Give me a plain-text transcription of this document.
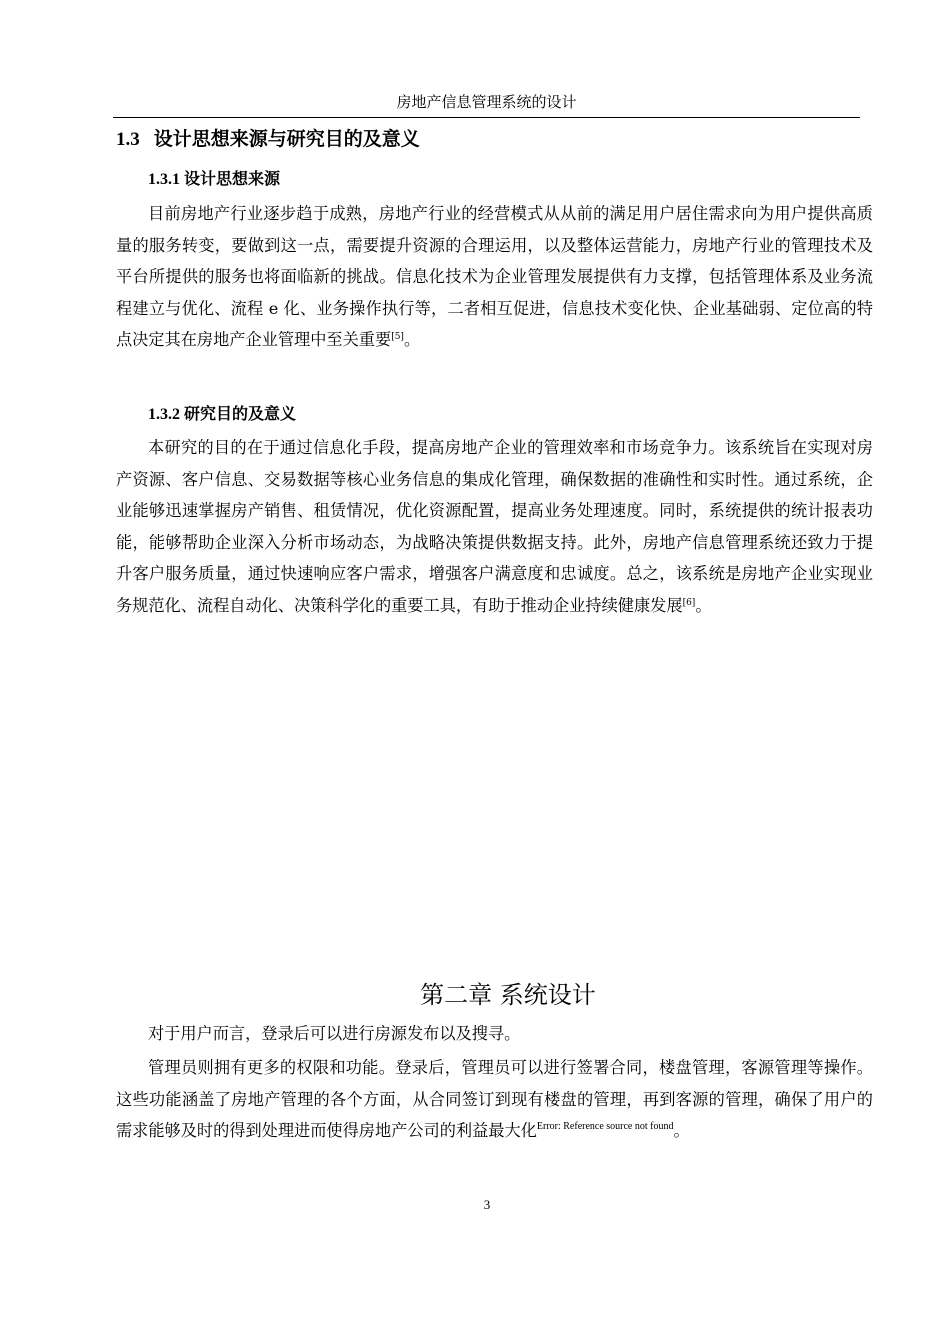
房地产信息管理系统的设计
1.3 设计思想来源与研究目的及意义
1.3.1 设计思想来源

目前房地产行业逐步趋于成熟，房地产行业的经营模式从从前的满足用户居住需求向为用户提供高质量的服务转变，要做到这一点，需要提升资源的合理运用，以及整体运营能力，房地产行业的管理技术及平台所提供的服务也将面临新的挑战。信息化技术为企业管理发展提供有力支撑，包括管理体系及业务流程建立与优化、流程 e 化、业务操作执行等，二者相互促进，信息技术变化快、企业基础弱、定位高的特点决定其在房地产企业管理中至关重要[5]。

1.3.2 研究目的及意义

本研究的目的在于通过信息化手段，提高房地产企业的管理效率和市场竞争力。该系统旨在实现对房产资源、客户信息、交易数据等核心业务信息的集成化管理，确保数据的准确性和实时性。通过系统，企业能够迅速掌握房产销售、租赁情况，优化资源配置，提高业务处理速度。同时，系统提供的统计报表功能，能够帮助企业深入分析市场动态，为战略决策提供数据支持。此外，房地产信息管理系统还致力于提升客户服务质量，通过快速响应客户需求，增强客户满意度和忠诚度。总之，该系统是房地产企业实现业务规范化、流程自动化、决策科学化的重要工具，有助于推动企业持续健康发展[6]。

第二章 系统设计

对于用户而言，登录后可以进行房源发布以及搜寻。

管理员则拥有更多的权限和功能。登录后，管理员可以进行签署合同，楼盘管理，客源管理等操作。这些功能涵盖了房地产管理的各个方面，从合同签订到现有楼盘的管理，再到客源的管理，确保了用户的需求能够及时的得到处理进而使得房地产公司的利益最大化$^{Error: Reference source not found}$。

3
